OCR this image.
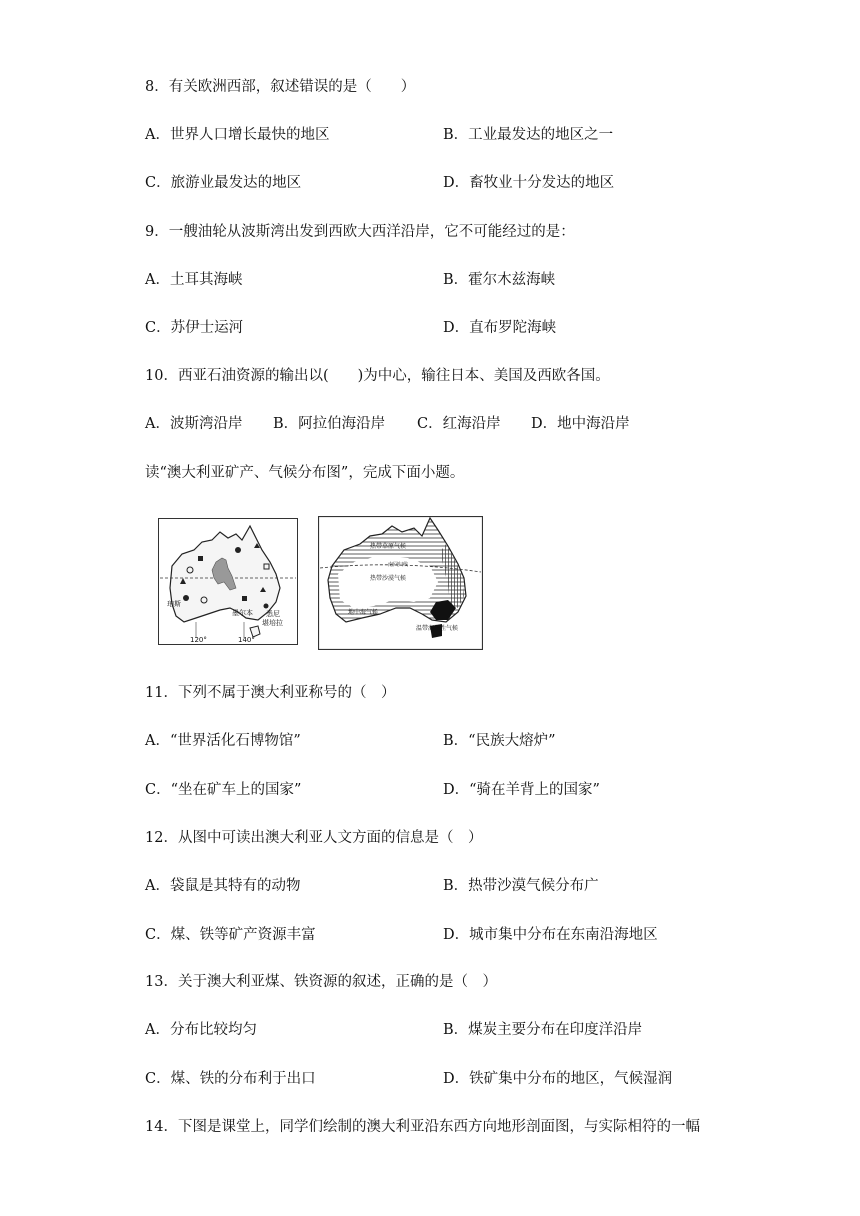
8．有关欧洲西部，叙述错误的是（　　）
A．世界人口增长最快的地区	B．工业最发达的地区之一
C．旅游业最发达的地区	D．畜牧业十分发达的地区
9．一艘油轮从波斯湾出发到西欧大西洋沿岸，它不可能经过的是：
A．土耳其海峡	B．霍尔木兹海峡
C．苏伊士运河	D．直布罗陀海峡
10．西亚石油资源的输出以(　　)为中心，输往日本、美国及西欧各国。
A．波斯湾沿岸 B．阿拉伯海沿岸 C．红海沿岸 D．地中海沿岸
读“澳大利亚矿产、气候分布图”，完成下面小题。
珀斯
墨尔本 悉尼
堪培拉
120°	140°
热带草原气候
热带沙漠气候
南回归线
地中海气候
温带海洋性气候
11．下列不属于澳大利亚称号的（　）
A．“世界活化石博物馆”	B．“民族大熔炉”
C．“坐在矿车上的国家”	D．“骑在羊背上的国家”
12．从图中可读出澳大利亚人文方面的信息是（　）
A．袋鼠是其特有的动物	B．热带沙漠气候分布广
C．煤、铁等矿产资源丰富	D．城市集中分布在东南沿海地区
13．关于澳大利亚煤、铁资源的叙述，正确的是（　）
A．分布比较均匀	B．煤炭主要分布在印度洋沿岸
C．煤、铁的分布利于出口	D．铁矿集中分布的地区，气候湿润
14．下图是课堂上，同学们绘制的澳大利亚沿东西方向地形剖面图，与实际相符的一幅
